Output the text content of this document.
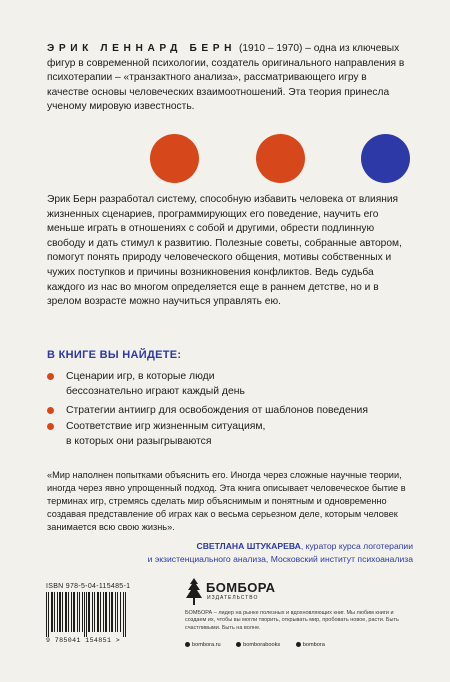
ЭРИК ЛЕННАРД БЕРН (1910 – 1970) – одна из ключевых фигур в современной психологии, создатель оригинального направления в психотерапии – «транзактного анализа», рассматривающего игру в качестве основы человеческих взаимоотношений. Эта теория принесла ученому мировую известность.
Эрик Берн разработал систему, способную избавить человека от влияния жизненных сценариев, программирующих его поведение, научить его меньше играть в отношениях с собой и другими, обрести подлинную свободу и дать стимул к развитию. Полезные советы, собранные автором, помогут понять природу человеческого общения, мотивы собственных и чужих поступков и причины возникновения конфликтов. Ведь судьба каждого из нас во многом определяется еще в раннем детстве, но и в зрелом возрасте можно научиться управлять ею.
В КНИГЕ ВЫ НАЙДЕТЕ:
Сценарии игр, в которые люди
бессознательно играют каждый день
Стратегии антиигр для освобождения от шаблонов поведения
Соответствие игр жизненным ситуациям,
в которых они разыгрываются
«Мир наполнен попытками объяснить его. Иногда через сложные научные теории, иногда через явно упрощенный подход. Эта книга описывает человеческое бытие в терминах игр, стремясь сделать мир объяснимым и понятным и одновременно создавая представление об играх как о весьма серьезном деле, которым человек занимается всю свою жизнь».
СВЕТЛАНА ШТУКАРЕВА, куратор курса логотерапии
и экзистенциального анализа, Московский институт психоанализа
ISBN 978-5-04-115485-1
9 785041 154851 >
БОМБОРА
ИЗДАТЕЛЬСТВО
БОМБОРА – лидер на рынке полезных и вдохновляющих книг. Мы любим книги и создаем их, чтобы вы могли творить, открывать мир, пробовать новое, расти. Быть счастливыми. Быть на волне.
bombora.ru	bomborabooks	bombora
